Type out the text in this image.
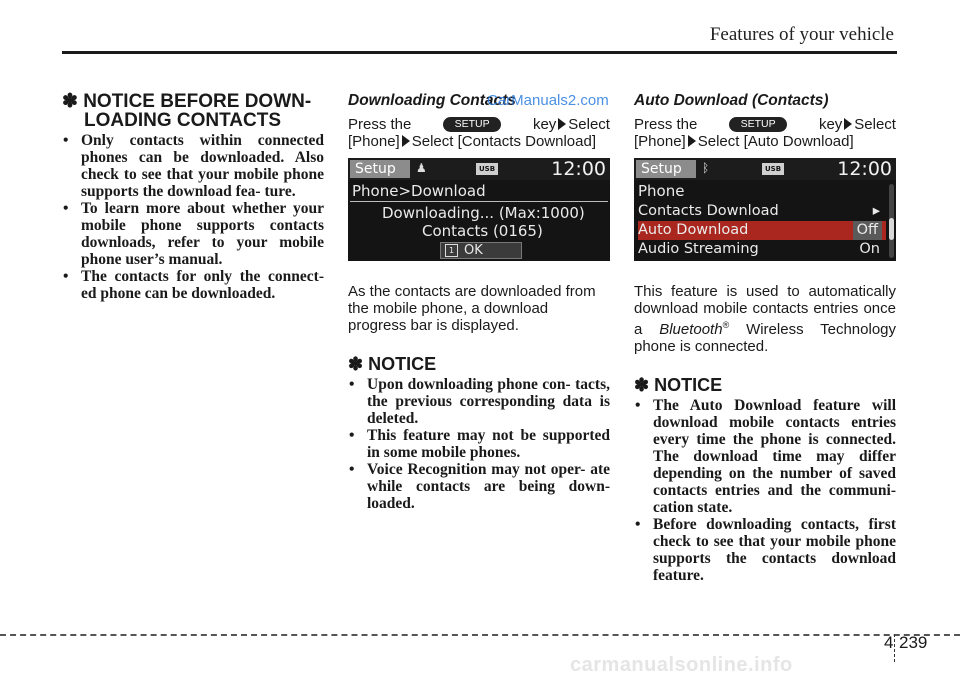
Features of your vehicle

✽ NOTICE BEFORE DOWN-
LOADING CONTACTS

• Only contacts within connected phones can be downloaded. Also check to see that your mobile phone supports the download fea- ture.
• To learn more about whether your mobile phone supports contacts downloads, refer to your mobile phone user’s manual.
• The contacts for only the connect- ed phone can be downloaded.

Downloading Contacts

Press the	SETUP	key Select

[Phone] Select [Contacts Download]

Setup	♟	USB	12:00
Phone>Download
Downloading... (Max:1000)
Contacts (0165)
1 OK

As the contacts are downloaded from the mobile phone, a download progress bar is displayed.

✽ NOTICE

• Upon downloading phone con- tacts, the previous corresponding data is deleted.
• This feature may not be supported in some mobile phones.
• Voice Recognition may not oper- ate while contacts are being down- loaded.

Auto Download (Contacts)

Press the	SETUP	key Select

[Phone] Select [Auto Download]

Setup	ᛒ	USB	12:00
Phone
Contacts Download	▸
Auto Download	Off
Audio Streaming	On

This feature is used to automatically download mobile contacts entries once a Bluetooth® Wireless Technology phone is connected.

✽ NOTICE

• The Auto Download feature will download mobile contacts entries every time the phone is connected. The download time may differ depending on the number of saved contacts entries and the communi- cation state.
• Before downloading contacts, first check to see that your mobile phone supports the contacts download feature.
CarManuals2.com
4 239
carmanualsonline.info
